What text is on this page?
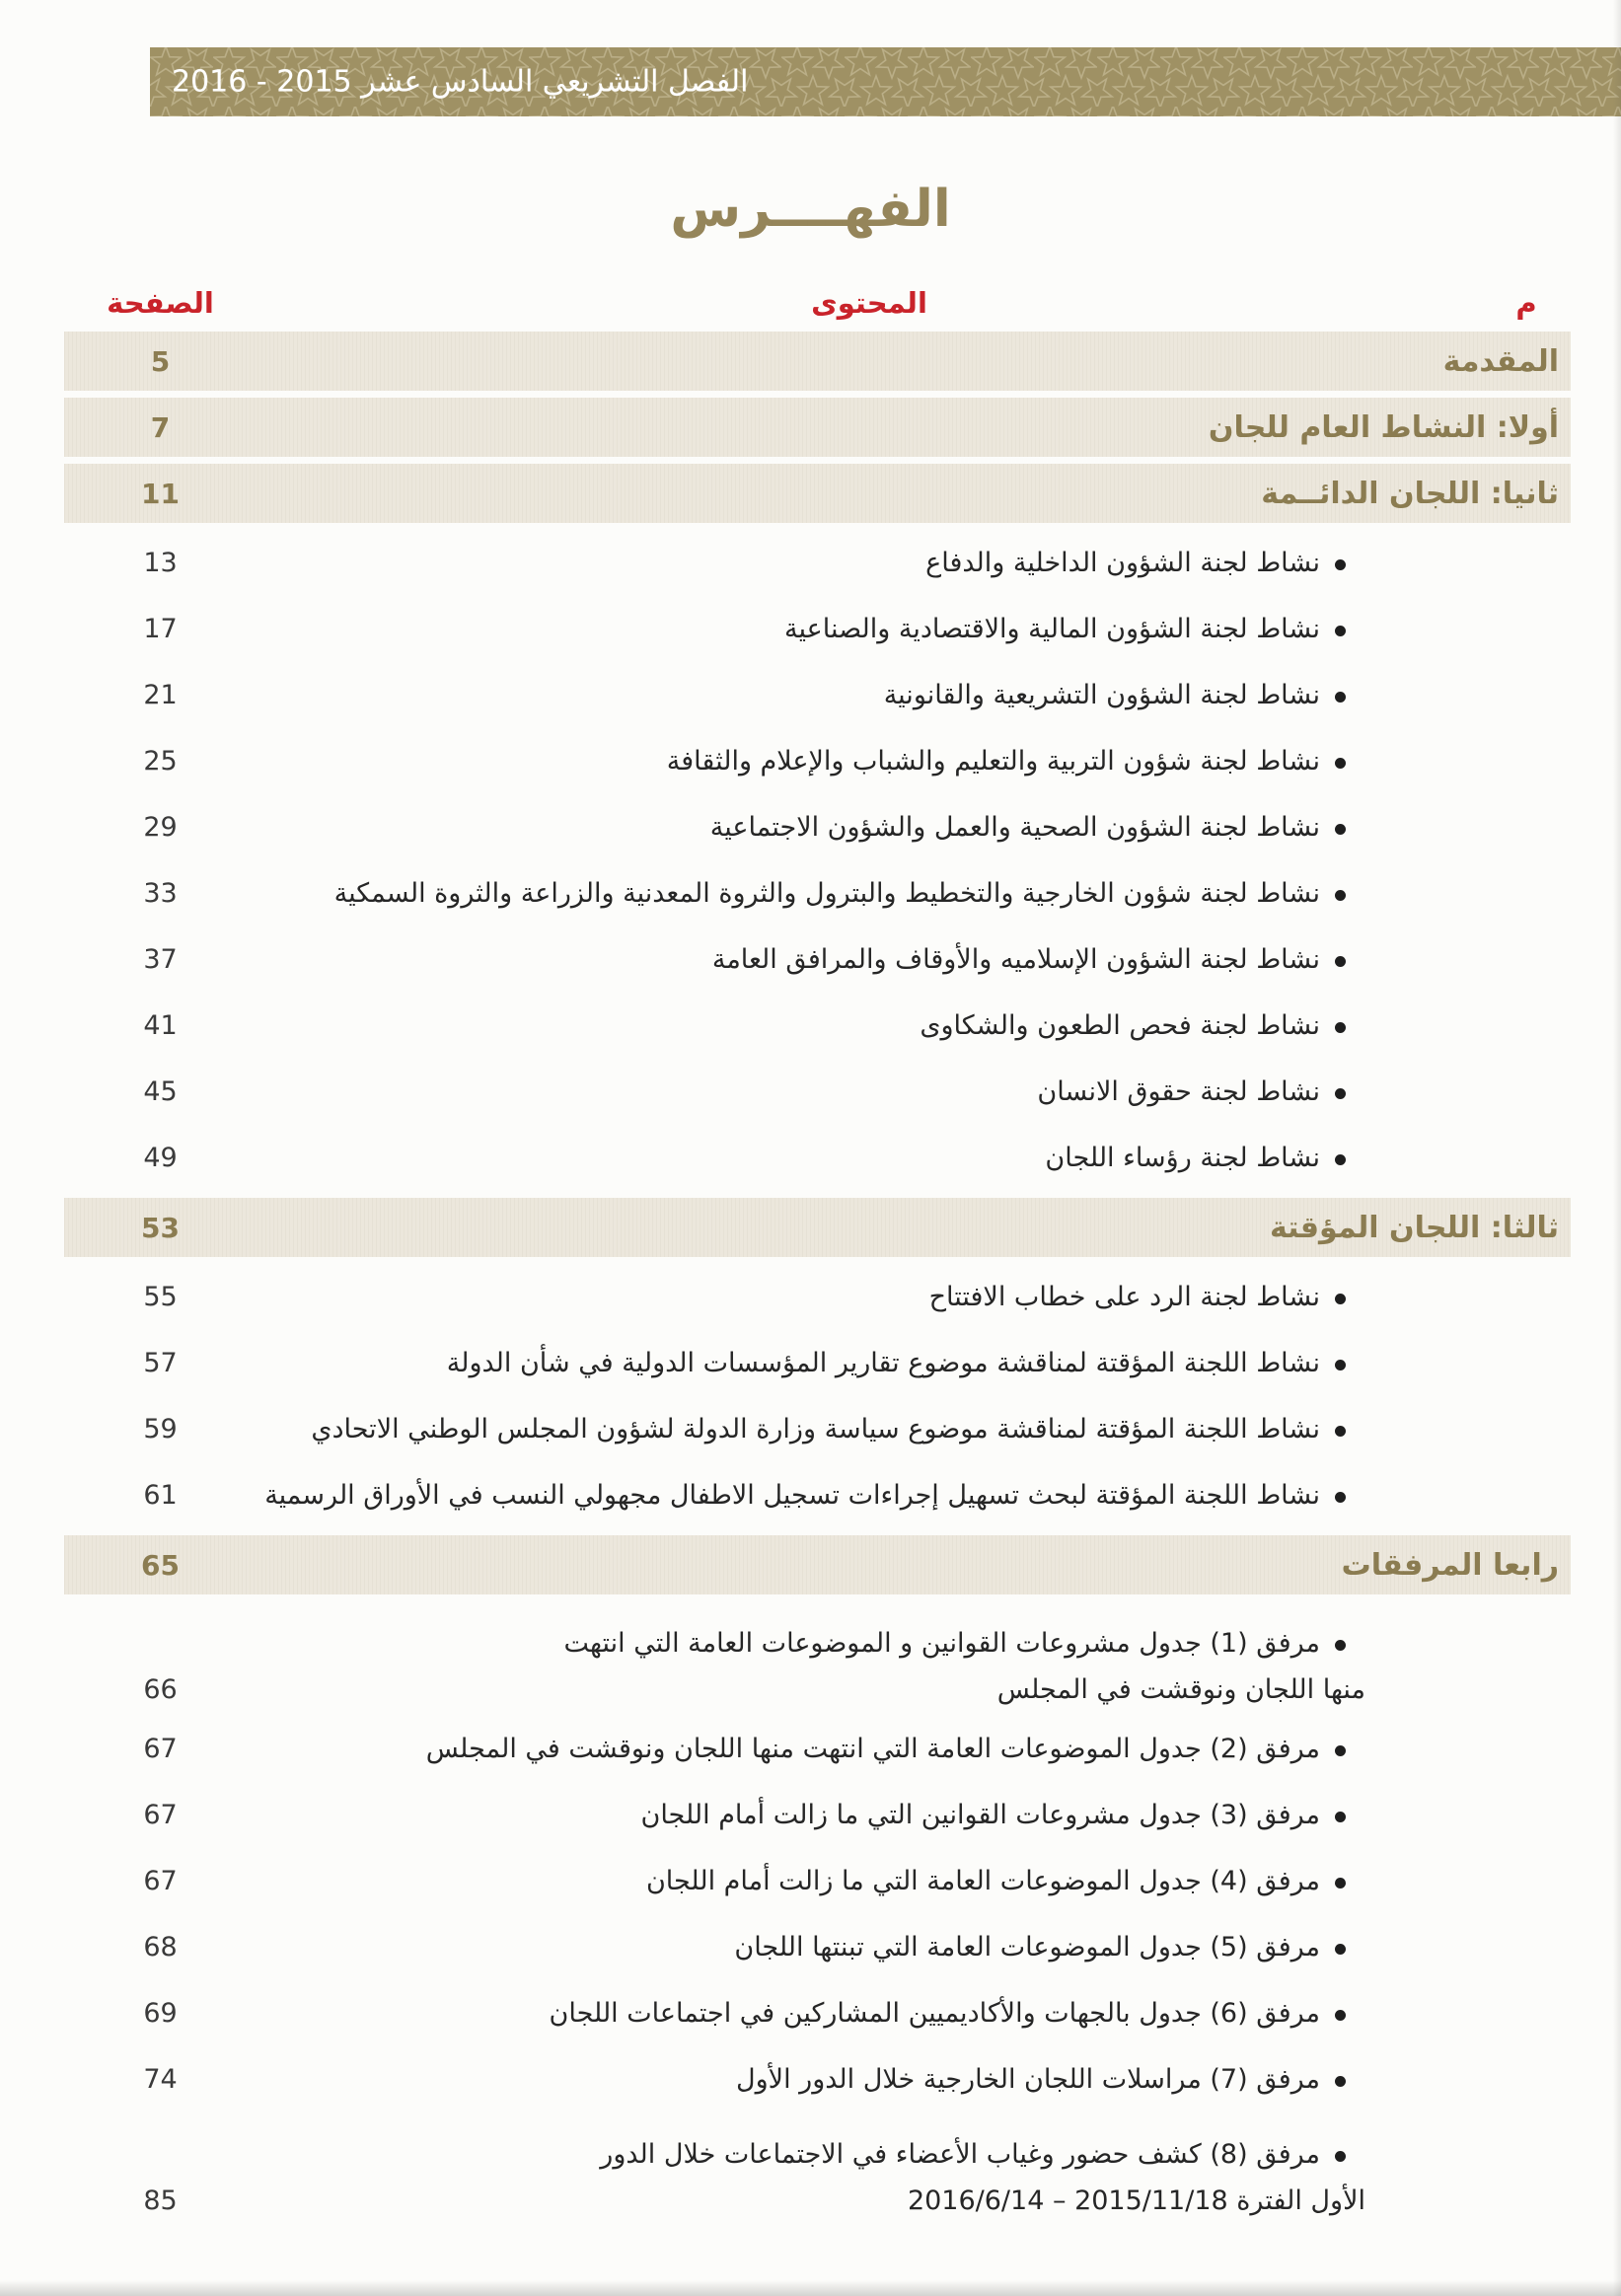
الفصل التشريعي السادس عشر 2015 - 2016
الفهــــرس
م
المحتوى
الصفحة
المقدمة
5
أولا: النشاط العام للجان
7
ثانيا: اللجان الدائــمة
11
نشاط لجنة الشؤون الداخلية والدفاع
13
نشاط لجنة الشؤون المالية والاقتصادية والصناعية
17
نشاط لجنة الشؤون التشريعية والقانونية
21
نشاط لجنة شؤون التربية والتعليم والشباب والإعلام والثقافة
25
نشاط لجنة الشؤون الصحية والعمل والشؤون الاجتماعية
29
نشاط لجنة شؤون الخارجية والتخطيط والبترول والثروة المعدنية والزراعة والثروة السمكية
33
نشاط لجنة الشؤون الإسلاميه والأوقاف والمرافق العامة
37
نشاط لجنة فحص الطعون والشكاوى
41
نشاط لجنة حقوق الانسان
45
نشاط لجنة رؤساء اللجان
49
ثالثا: اللجان المؤقتة
53
نشاط لجنة الرد على خطاب الافتتاح
55
نشاط اللجنة المؤقتة لمناقشة موضوع تقارير المؤسسات الدولية في شأن الدولة
57
نشاط اللجنة المؤقتة لمناقشة موضوع سياسة وزارة الدولة لشؤون المجلس الوطني الاتحادي
59
نشاط اللجنة المؤقتة لبحث تسهيل إجراءات تسجيل الاطفال مجهولي النسب في الأوراق الرسمية
61
رابعا المرفقات
65
مرفق (1) جدول مشروعات القوانين و الموضوعات العامة التي انتهت
منها اللجان ونوقشت في المجلس
66
مرفق (2) جدول الموضوعات العامة التي انتهت منها اللجان ونوقشت في المجلس
67
مرفق (3) جدول مشروعات القوانين التي ما زالت أمام اللجان
67
مرفق (4) جدول الموضوعات العامة التي ما زالت أمام اللجان
67
مرفق (5) جدول الموضوعات العامة التي تبنتها اللجان
68
مرفق (6) جدول بالجهات والأكاديميين المشاركين في اجتماعات اللجان
69
مرفق (7) مراسلات اللجان الخارجية خلال الدور الأول
74
مرفق (8) كشف حضور وغياب الأعضاء في الاجتماعات خلال الدور
الأول الفترة 2015/11/18 – 2016/6/14
85
